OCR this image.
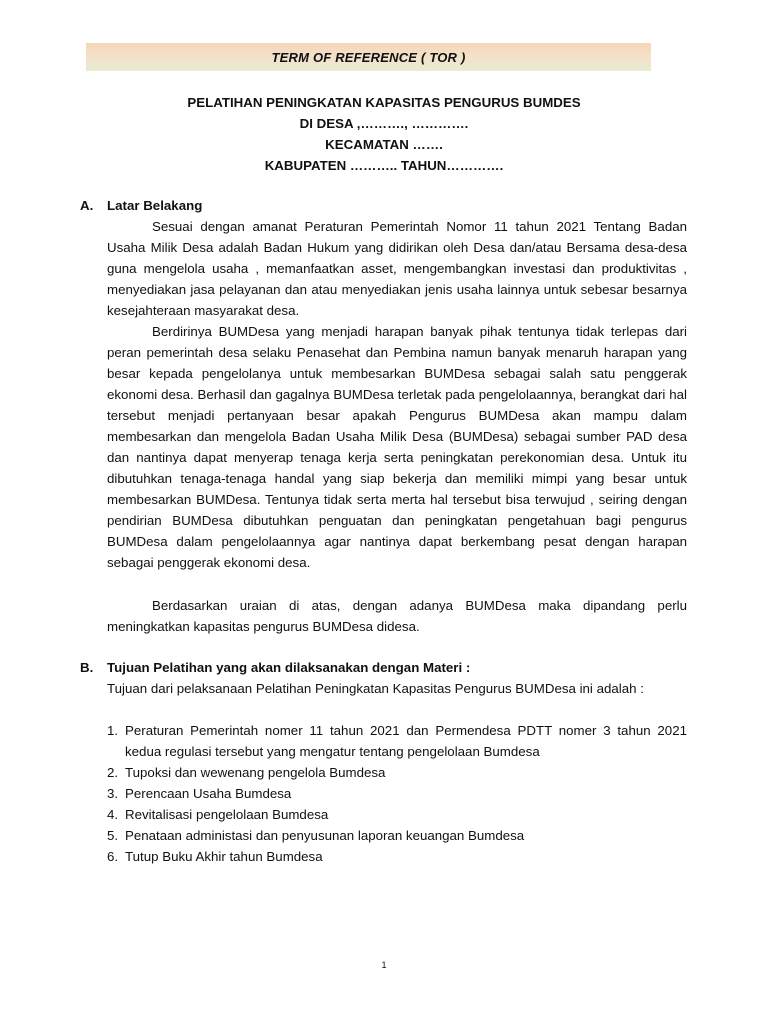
TERM OF REFERENCE ( TOR )
PELATIHAN PENINGKATAN KAPASITAS PENGURUS BUMDES
DI DESA ,………., ………….
KECAMATAN …….
KABUPATEN ……….. TAHUN………….
A. Latar Belakang

Sesuai dengan amanat Peraturan Pemerintah Nomor 11 tahun 2021 Tentang Badan Usaha Milik Desa adalah Badan Hukum yang didirikan oleh Desa dan/atau Bersama desa-desa guna mengelola usaha , memanfaatkan asset, mengembangkan investasi dan produktivitas , menyediakan jasa pelayanan dan atau menyediakan jenis usaha lainnya untuk sebesar besarnya kesejahteraan masyarakat desa.

Berdirinya BUMDesa yang menjadi harapan banyak pihak tentunya tidak terlepas dari peran pemerintah desa selaku Penasehat dan Pembina namun banyak menaruh harapan yang besar kepada pengelolanya untuk membesarkan BUMDesa sebagai salah satu penggerak ekonomi desa. Berhasil dan gagalnya BUMDesa terletak pada pengelolaannya, berangkat dari hal tersebut menjadi pertanyaan besar apakah Pengurus BUMDesa akan mampu dalam membesarkan dan mengelola Badan Usaha Milik Desa (BUMDesa) sebagai sumber PAD desa dan nantinya dapat menyerap tenaga kerja serta peningkatan perekonomian desa. Untuk itu dibutuhkan tenaga-tenaga handal yang siap bekerja dan memiliki mimpi yang besar untuk membesarkan BUMDesa. Tentunya tidak serta merta hal tersebut bisa terwujud , seiring dengan pendirian BUMDesa dibutuhkan penguatan dan peningkatan pengetahuan bagi pengurus BUMDesa dalam pengelolaannya agar nantinya dapat berkembang pesat dengan harapan sebagai penggerak ekonomi desa.

Berdasarkan uraian di atas, dengan adanya BUMDesa maka dipandang perlu meningkatkan kapasitas pengurus BUMDesa didesa.

B. Tujuan Pelatihan yang akan dilaksanakan dengan Materi :

Tujuan dari pelaksanaan Pelatihan Peningkatan Kapasitas Pengurus BUMDesa ini adalah :

1. Peraturan Pemerintah nomer 11 tahun 2021 dan Permendesa PDTT nomer 3 tahun 2021 kedua regulasi tersebut yang mengatur tentang pengelolaan Bumdesa
2. Tupoksi dan wewenang pengelola Bumdesa
3. Perencaan Usaha Bumdesa
4. Revitalisasi pengelolaan Bumdesa
5. Penataan administasi dan penyusunan laporan keuangan Bumdesa
6. Tutup Buku Akhir tahun Bumdesa
1
